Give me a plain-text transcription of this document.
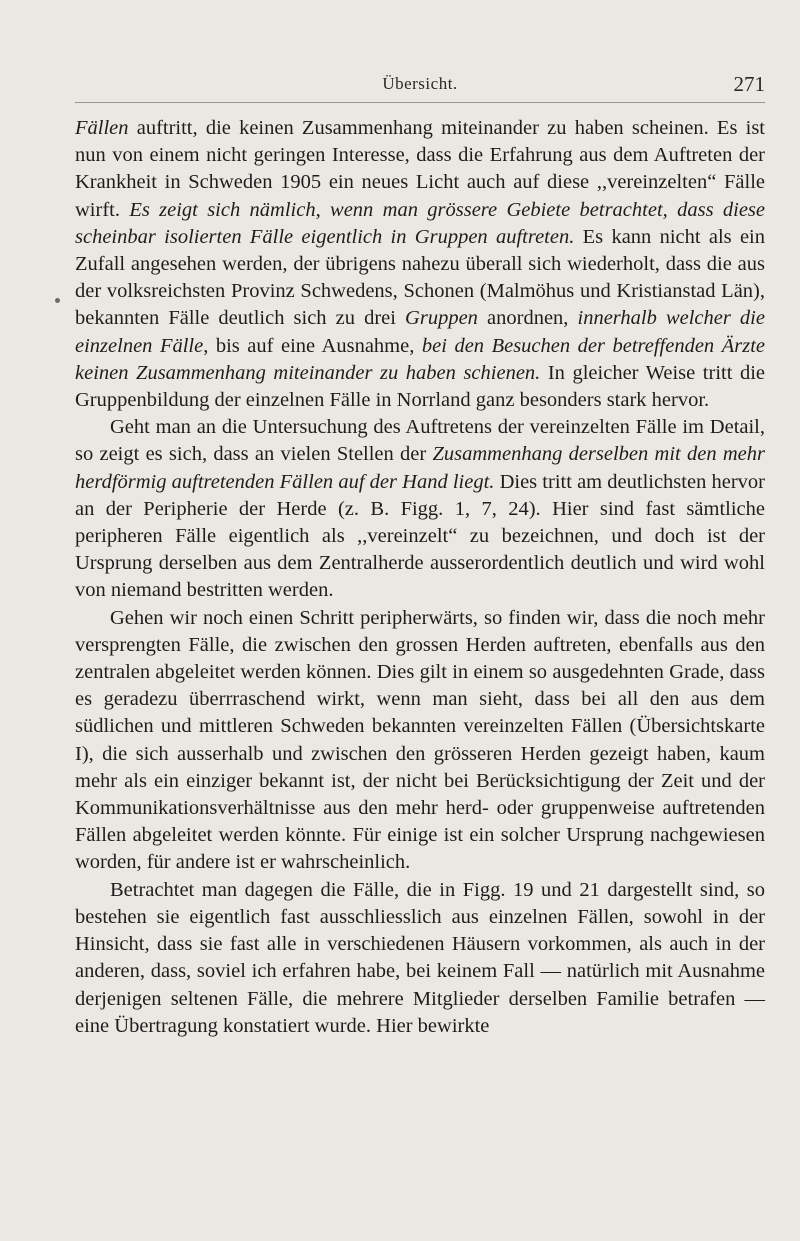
Übersicht.	271

Fällen auftritt, die keinen Zusammenhang miteinander zu haben scheinen. Es ist nun von einem nicht geringen Interesse, dass die Erfahrung aus dem Auftreten der Krankheit in Schweden 1905 ein neues Licht auch auf diese ,,vereinzelten“ Fälle wirft. Es zeigt sich nämlich, wenn man grössere Gebiete betrachtet, dass diese scheinbar isolierten Fälle eigentlich in Gruppen auftreten. Es kann nicht als ein Zufall angesehen werden, der übrigens nahezu überall sich wiederholt, dass die aus der volksreichsten Provinz Schwedens, Schonen (Malmöhus und Kristianstad Län), bekannten Fälle deutlich sich zu drei Gruppen anordnen, innerhalb welcher die einzelnen Fälle, bis auf eine Ausnahme, bei den Besuchen der betreffenden Ärzte keinen Zusammenhang miteinander zu haben schienen. In gleicher Weise tritt die Gruppenbildung der einzelnen Fälle in Norrland ganz besonders stark hervor.

Geht man an die Untersuchung des Auftretens der vereinzelten Fälle im Detail, so zeigt es sich, dass an vielen Stellen der Zusammenhang derselben mit den mehr herdförmig auftretenden Fällen auf der Hand liegt. Dies tritt am deutlichsten hervor an der Peripherie der Herde (z. B. Figg. 1, 7, 24). Hier sind fast sämtliche peripheren Fälle eigentlich als ,,vereinzelt“ zu bezeichnen, und doch ist der Ursprung derselben aus dem Zentralherde ausserordentlich deutlich und wird wohl von niemand bestritten werden.

Gehen wir noch einen Schritt peripherwärts, so finden wir, dass die noch mehr versprengten Fälle, die zwischen den grossen Herden auftreten, ebenfalls aus den zentralen abgeleitet werden können. Dies gilt in einem so ausgedehnten Grade, dass es geradezu überrraschend wirkt, wenn man sieht, dass bei all den aus dem südlichen und mittleren Schweden bekannten vereinzelten Fällen (Übersichtskarte I), die sich ausserhalb und zwischen den grösseren Herden gezeigt haben, kaum mehr als ein einziger bekannt ist, der nicht bei Berücksichtigung der Zeit und der Kommunikationsverhältnisse aus den mehr herd- oder gruppenweise auftretenden Fällen abgeleitet werden könnte. Für einige ist ein solcher Ursprung nachgewiesen worden, für andere ist er wahrscheinlich.

Betrachtet man dagegen die Fälle, die in Figg. 19 und 21 dargestellt sind, so bestehen sie eigentlich fast ausschliesslich aus einzelnen Fällen, sowohl in der Hinsicht, dass sie fast alle in verschiedenen Häusern vorkommen, als auch in der anderen, dass, soviel ich erfahren habe, bei keinem Fall — natürlich mit Ausnahme derjenigen seltenen Fälle, die mehrere Mitglieder derselben Familie betrafen — eine Übertragung konstatiert wurde. Hier bewirkte
